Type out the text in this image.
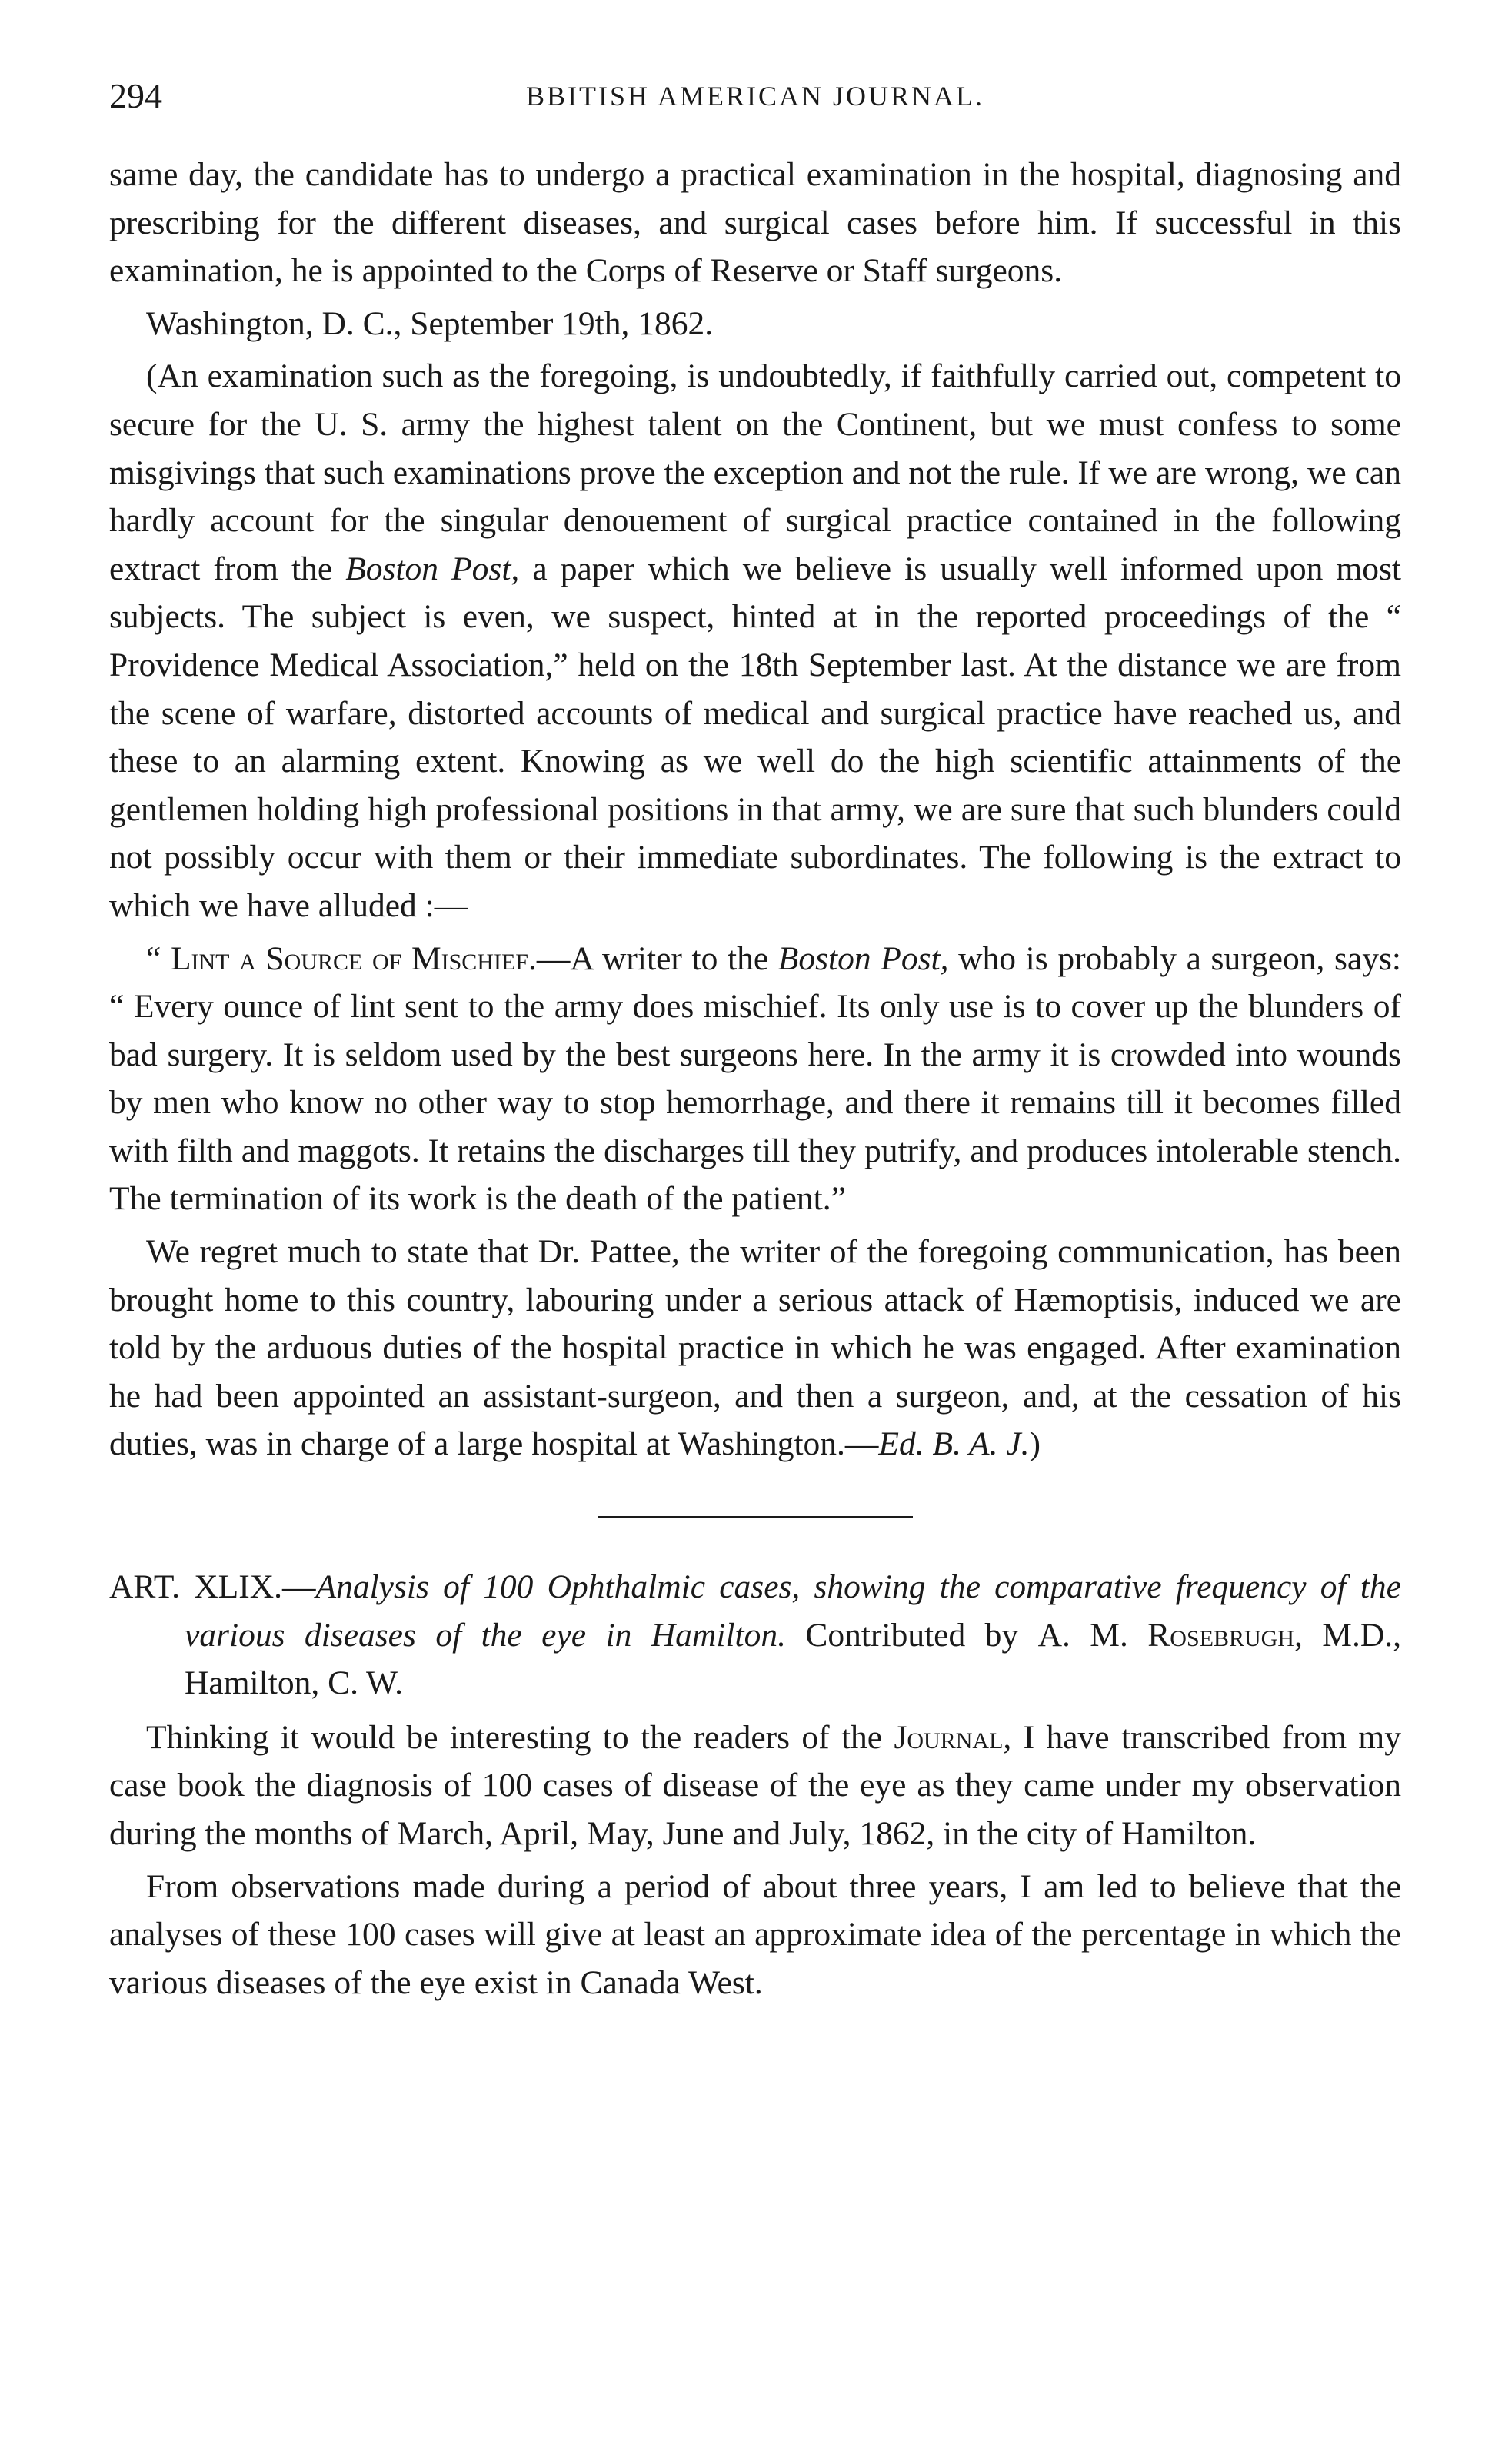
294	BBITISH AMERICAN JOURNAL.

same day, the candidate has to undergo a practical examination in the hospital, diagnosing and prescribing for the different diseases, and surgical cases before him. If successful in this examination, he is appointed to the Corps of Reserve or Staff surgeons.

Washington, D. C., September 19th, 1862.

(An examination such as the foregoing, is undoubtedly, if faithfully carried out, competent to secure for the U. S. army the highest talent on the Continent, but we must confess to some misgivings that such examinations prove the exception and not the rule. If we are wrong, we can hardly account for the singular denouement of surgical practice contained in the following extract from the Boston Post, a paper which we believe is usually well informed upon most subjects. The subject is even, we suspect, hinted at in the reported proceedings of the “ Providence Medical Association,” held on the 18th September last. At the distance we are from the scene of warfare, distorted accounts of medical and surgical practice have reached us, and these to an alarming extent. Knowing as we well do the high scientific attainments of the gentlemen holding high professional positions in that army, we are sure that such blunders could not possibly occur with them or their immediate subordinates. The following is the extract to which we have alluded :—

“ Lint a Source of Mischief.—A writer to the Boston Post, who is probably a surgeon, says: “ Every ounce of lint sent to the army does mischief. Its only use is to cover up the blunders of bad surgery. It is seldom used by the best surgeons here. In the army it is crowded into wounds by men who know no other way to stop hemorrhage, and there it remains till it becomes filled with filth and maggots. It retains the discharges till they putrify, and produces intolerable stench. The termination of its work is the death of the patient.”

We regret much to state that Dr. Pattee, the writer of the foregoing communication, has been brought home to this country, labouring under a serious attack of Hæmoptisis, induced we are told by the arduous duties of the hospital practice in which he was engaged. After examination he had been appointed an assistant-surgeon, and then a surgeon, and, at the cessation of his duties, was in charge of a large hospital at Washington.—Ed. B. A. J.)

ART. XLIX.—Analysis of 100 Ophthalmic cases, showing the comparative frequency of the various diseases of the eye in Hamilton. Contributed by A. M. Rosebrugh, M.D., Hamilton, C. W.

Thinking it would be interesting to the readers of the Journal, I have transcribed from my case book the diagnosis of 100 cases of disease of the eye as they came under my observation during the months of March, April, May, June and July, 1862, in the city of Hamilton.

From observations made during a period of about three years, I am led to believe that the analyses of these 100 cases will give at least an approximate idea of the percentage in which the various diseases of the eye exist in Canada West.
